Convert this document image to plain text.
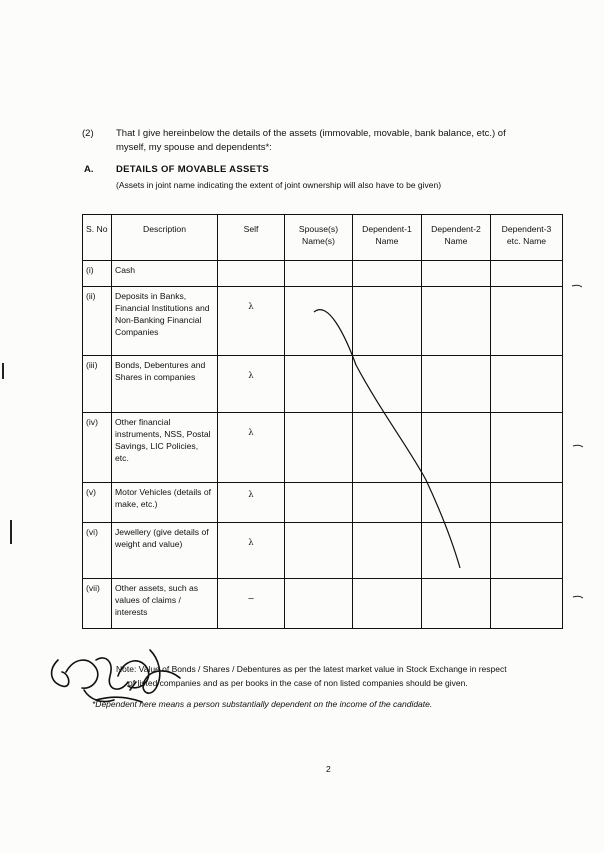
(2) That I give hereinbelow the details of the assets (immovable, movable, bank balance, etc.) of
myself, my spouse and dependents*:
A. DETAILS OF MOVABLE ASSETS
(Assets in joint name indicating the extent of joint ownership will also have to be given)
S. No	Description	Self	Spouse(s) Name(s)	Dependent-1 Name	Dependent-2 Name	Dependent-3 etc. Name
(i)	Cash					
(ii)	Deposits in Banks, Financial Institutions and Non-Banking Financial Companies	λ				
(iii)	Bonds, Debentures and Shares in companies	λ				
(iv)	Other financial instruments, NSS, Postal Savings, LIC Policies, etc.	λ				
(v)	Motor Vehicles (details of make, etc.)	λ				
(vi)	Jewellery (give details of weight and value)	λ				
(vii)	Other assets, such as values of claims / interests	~				
Note: Value of Bonds / Shares / Debentures as per the latest market value in Stock Exchange in respect
of listed companies and as per books in the case of non listed companies should be given.
*Dependent here means a person substantially dependent on the income of the candidate.
2
